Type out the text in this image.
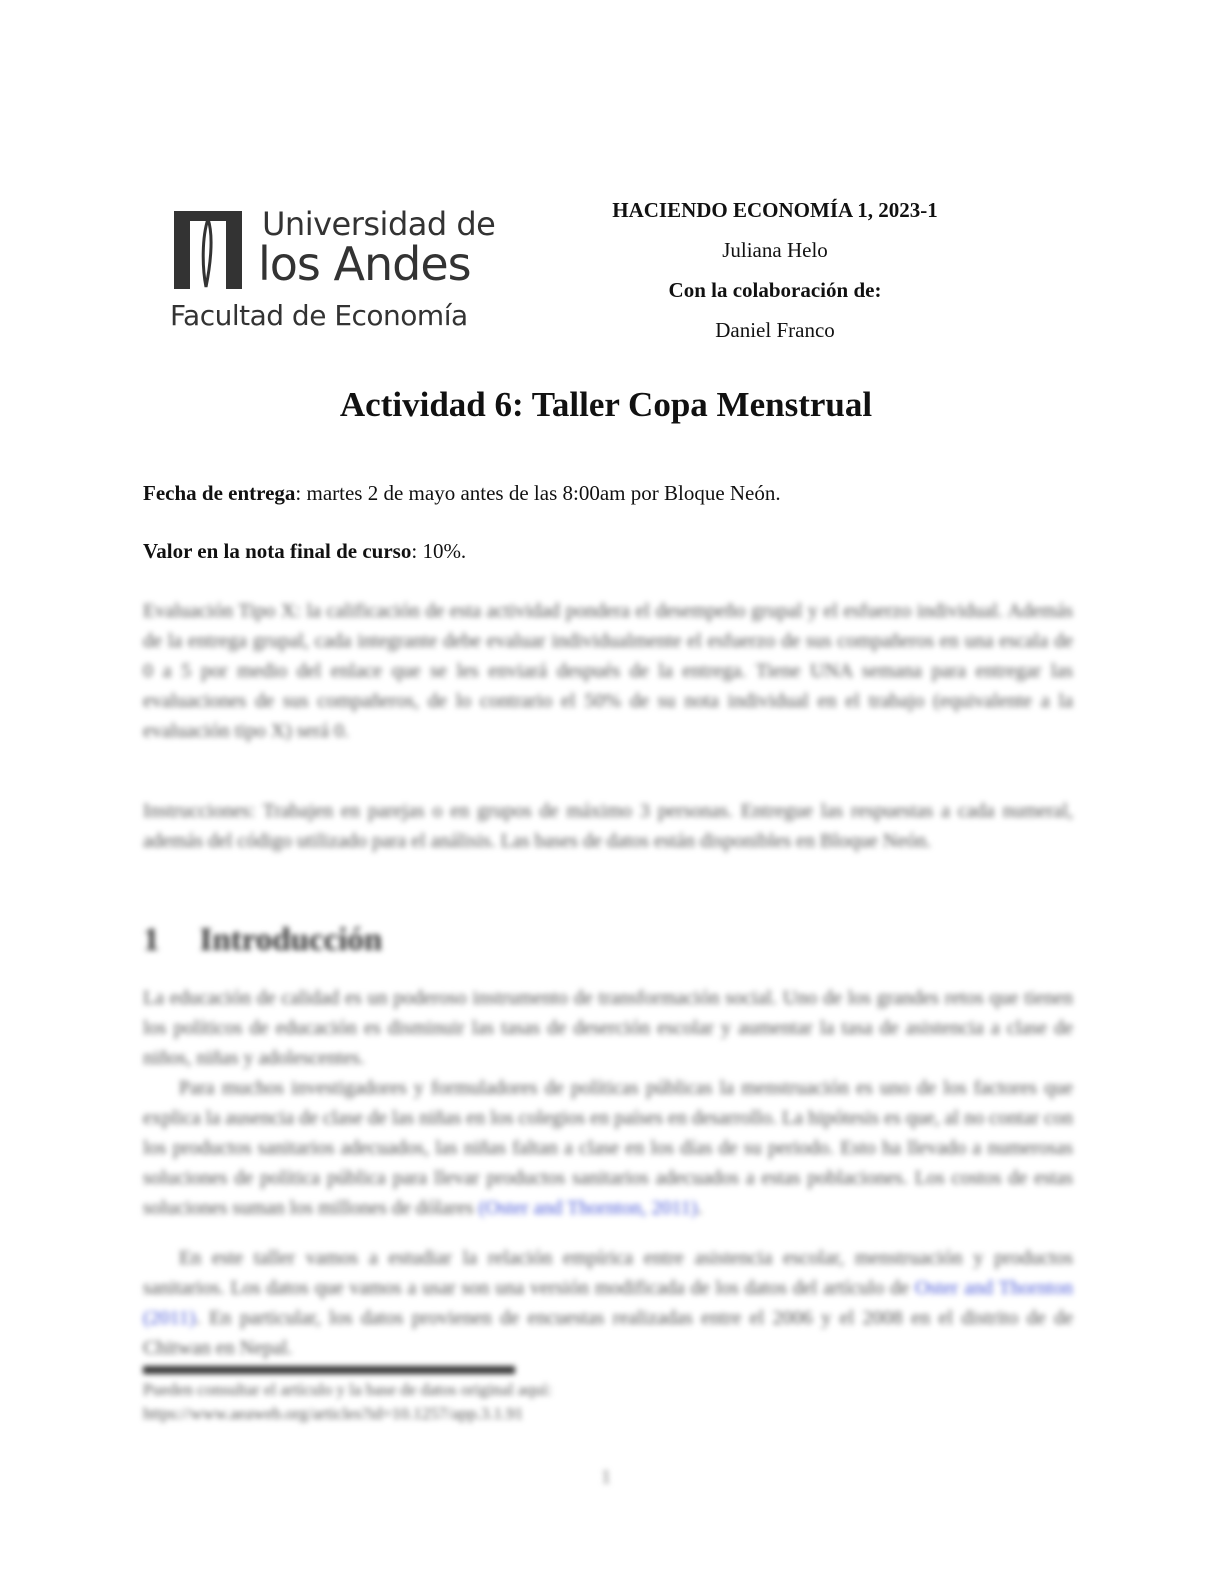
Universidad de
los Andes
Facultad de Economía
HACIENDO ECONOMÍA 1, 2023-1
Juliana Helo
Con la colaboración de:
Daniel Franco
Actividad 6: Taller Copa Menstrual
Fecha de entrega: martes 2 de mayo antes de las 8:00am por Bloque Neón.
Valor en la nota final de curso: 10%.
Evaluación Tipo X: la calificación de esta actividad pondera el desempeño grupal y el esfuerzo individual. Además de la entrega grupal, cada integrante debe evaluar individualmente el esfuerzo de sus compañeros en una escala de 0 a 5 por medio del enlace que se les enviará después de la entrega. Tiene UNA semana para entregar las evaluaciones de sus compañeros, de lo contrario el 50% de su nota individual en el trabajo (equivalente a la evaluación tipo X) será 0.
Instrucciones: Trabajen en parejas o en grupos de máximo 3 personas. Entregue las respuestas a cada numeral, además del código utilizado para el análisis. Las bases de datos están disponibles en Bloque Neón.
1 Introducción
La educación de calidad es un poderoso instrumento de transformación social. Uno de los grandes retos que tienen los políticos de educación es disminuir las tasas de deserción escolar y aumentar la tasa de asistencia a clase de niños, niñas y adolescentes.
Para muchos investigadores y formuladores de políticas públicas la menstruación es uno de los factores que explica la ausencia de clase de las niñas en los colegios en países en desarrollo. La hipótesis es que, al no contar con los productos sanitarios adecuados, las niñas faltan a clase en los días de su periodo. Esto ha llevado a numerosas soluciones de política pública para llevar productos sanitarios adecuados a estas poblaciones. Los costos de estas soluciones suman los millones de dólares (Oster and Thornton, 2011).
En este taller vamos a estudiar la relación empírica entre asistencia escolar, menstruación y productos sanitarios. Los datos que vamos a usar son una versión modificada de los datos del artículo de Oster and Thornton (2011). En particular, los datos provienen de encuestas realizadas entre el 2006 y el 2008 en el distrito de de Chitwan en Nepal.
Pueden consultar el artículo y la base de datos original aquí:
https://www.aeaweb.org/articles?id=10.1257/app.3.1.91
1
